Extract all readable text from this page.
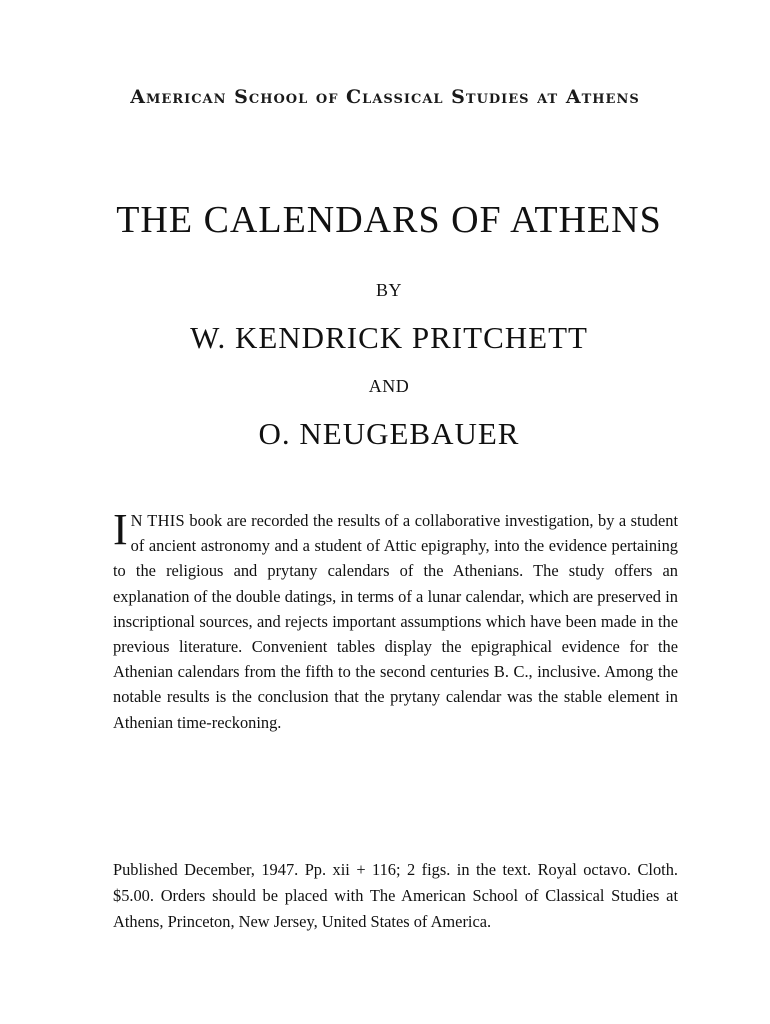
American School of Classical Studies at Athens
THE CALENDARS OF ATHENS
BY
W. KENDRICK PRITCHETT
AND
O. NEUGEBAUER
I N THIS book are recorded the results of a collaborative investigation, by a student of ancient astronomy and a student of Attic epigraphy, into the evidence pertaining to the religious and prytany calendars of the Athenians. The study offers an explanation of the double datings, in terms of a lunar calendar, which are preserved in inscriptional sources, and rejects important assumptions which have been made in the previous literature. Convenient tables display the epigraphical evidence for the Athenian calendars from the fifth to the second centuries B. C., inclusive. Among the notable results is the conclusion that the prytany calendar was the stable element in Athenian time-reckoning.
Published December, 1947. Pp. xii + 116; 2 figs. in the text. Royal octavo. Cloth. $5.00. Orders should be placed with The American School of Classical Studies at Athens, Princeton, New Jersey, United States of America.
